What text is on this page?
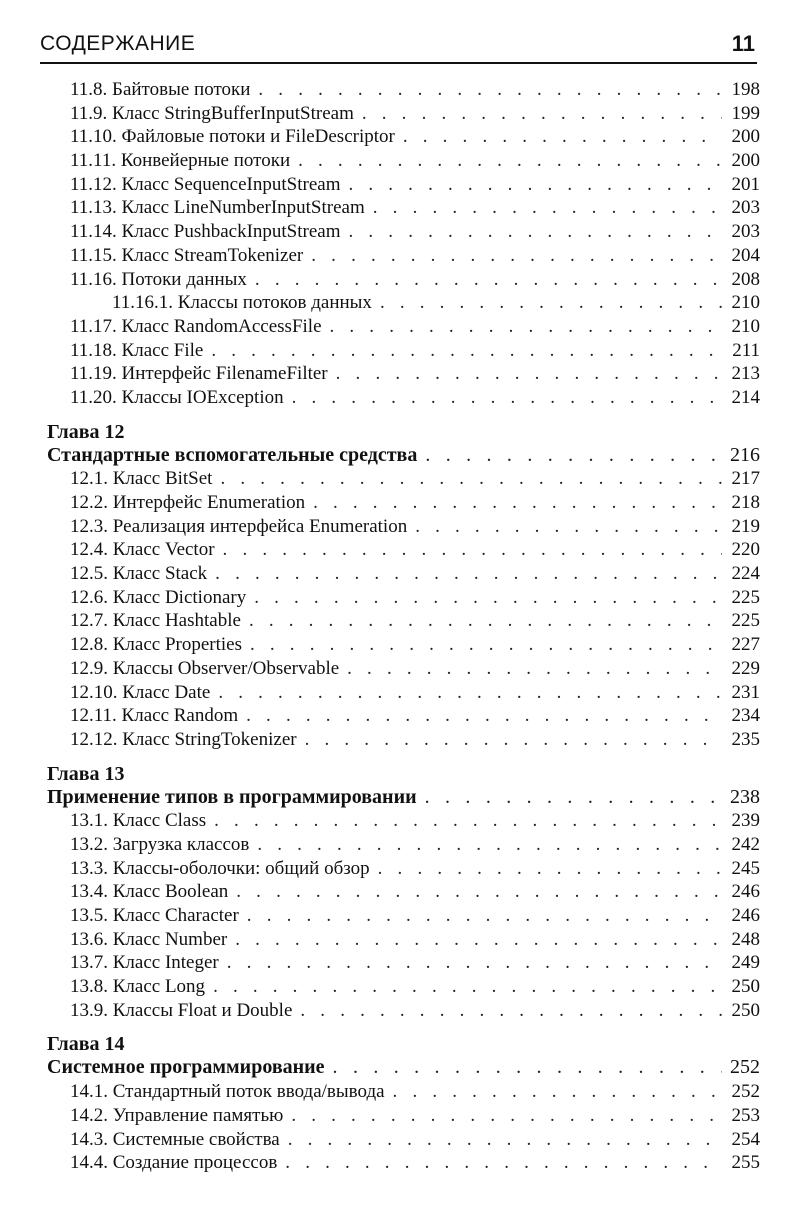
СОДЕРЖАНИЕ	11
11.8. Байтовые потоки . . .	198
11.9. Класс StringBufferInputStream . . .	199
11.10. Файловые потоки и FileDescriptor . . .	200
11.11. Конвейерные потоки . . .	200
11.12. Класс SequenceInputStream . . .	201
11.13. Класс LineNumberInputStream . . .	203
11.14. Класс PushbackInputStream . . .	203
11.15. Класс StreamTokenizer . . .	204
11.16. Потоки данных . . .	208
11.16.1. Классы потоков данных . . .	210
11.17. Класс RandomAccessFile . . .	210
11.18. Класс File . . .	211
11.19. Интерфейс FilenameFilter . . .	213
11.20. Классы IOException . . .	214
Глава 12
Стандартные вспомогательные средства . . .	216
12.1. Класс BitSet . . .	217
12.2. Интерфейс Enumeration . . .	218
12.3. Реализация интерфейса Enumeration . . .	219
12.4. Класс Vector . . .	220
12.5. Класс Stack . . .	224
12.6. Класс Dictionary . . .	225
12.7. Класс Hashtable . . .	225
12.8. Класс Properties . . .	227
12.9. Классы Observer/Observable . . .	229
12.10. Класс Date . . .	231
12.11. Класс Random . . .	234
12.12. Класс StringTokenizer . . .	235
Глава 13
Применение типов в программировании . . .	238
13.1. Класс Class . . .	239
13.2. Загрузка классов . . .	242
13.3. Классы-оболочки: общий обзор . . .	245
13.4. Класс Boolean . . .	246
13.5. Класс Character . . .	246
13.6. Класс Number . . .	248
13.7. Класс Integer . . .	249
13.8. Класс Long . . .	250
13.9. Классы Float и Double . . .	250
Глава 14
Системное программирование . . .	252
14.1. Стандартный поток ввода/вывода . . .	252
14.2. Управление памятью . . .	253
14.3. Системные свойства . . .	254
14.4. Создание процессов . . .	255
